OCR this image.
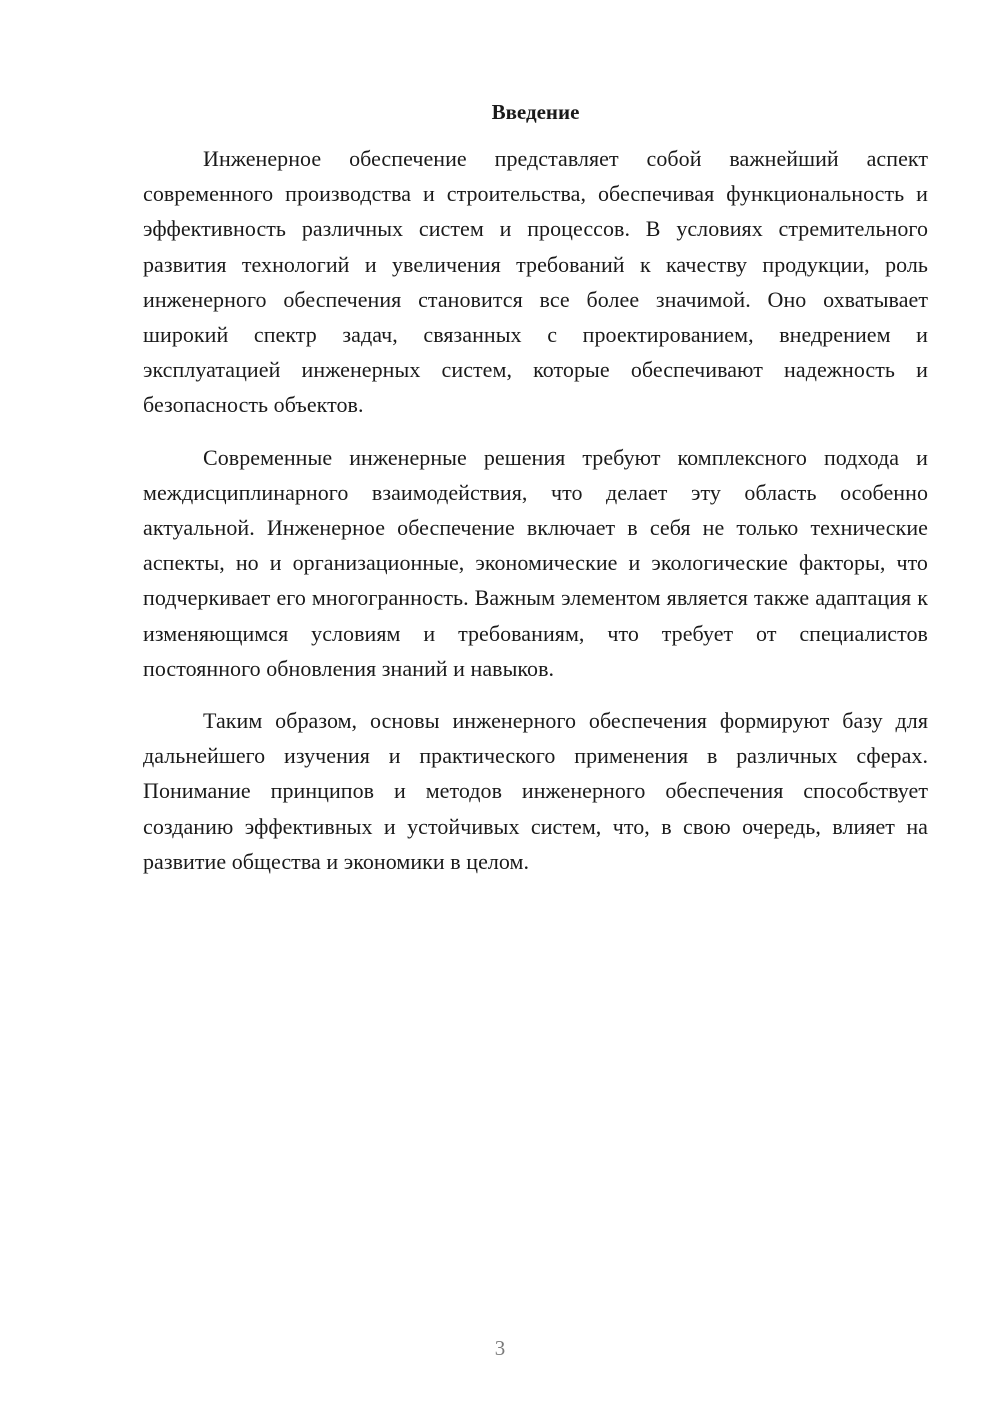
Введение

Инженерное обеспечение представляет собой важнейший аспект современного производства и строительства, обеспечивая функциональность и эффективность различных систем и процессов. В условиях стремительного развития технологий и увеличения требований к качеству продукции, роль инженерного обеспечения становится все более значимой. Оно охватывает широкий спектр задач, связанных с проектированием, внедрением и эксплуатацией инженерных систем, которые обеспечивают надежность и безопасность объектов.

Современные инженерные решения требуют комплексного подхода и междисциплинарного взаимодействия, что делает эту область особенно актуальной. Инженерное обеспечение включает в себя не только технические аспекты, но и организационные, экономические и экологические факторы, что подчеркивает его многогранность. Важным элементом является также адаптация к изменяющимся условиям и требованиям, что требует от специалистов постоянного обновления знаний и навыков.

Таким образом, основы инженерного обеспечения формируют базу для дальнейшего изучения и практического применения в различных сферах. Понимание принципов и методов инженерного обеспечения способствует созданию эффективных и устойчивых систем, что, в свою очередь, влияет на развитие общества и экономики в целом.

3
